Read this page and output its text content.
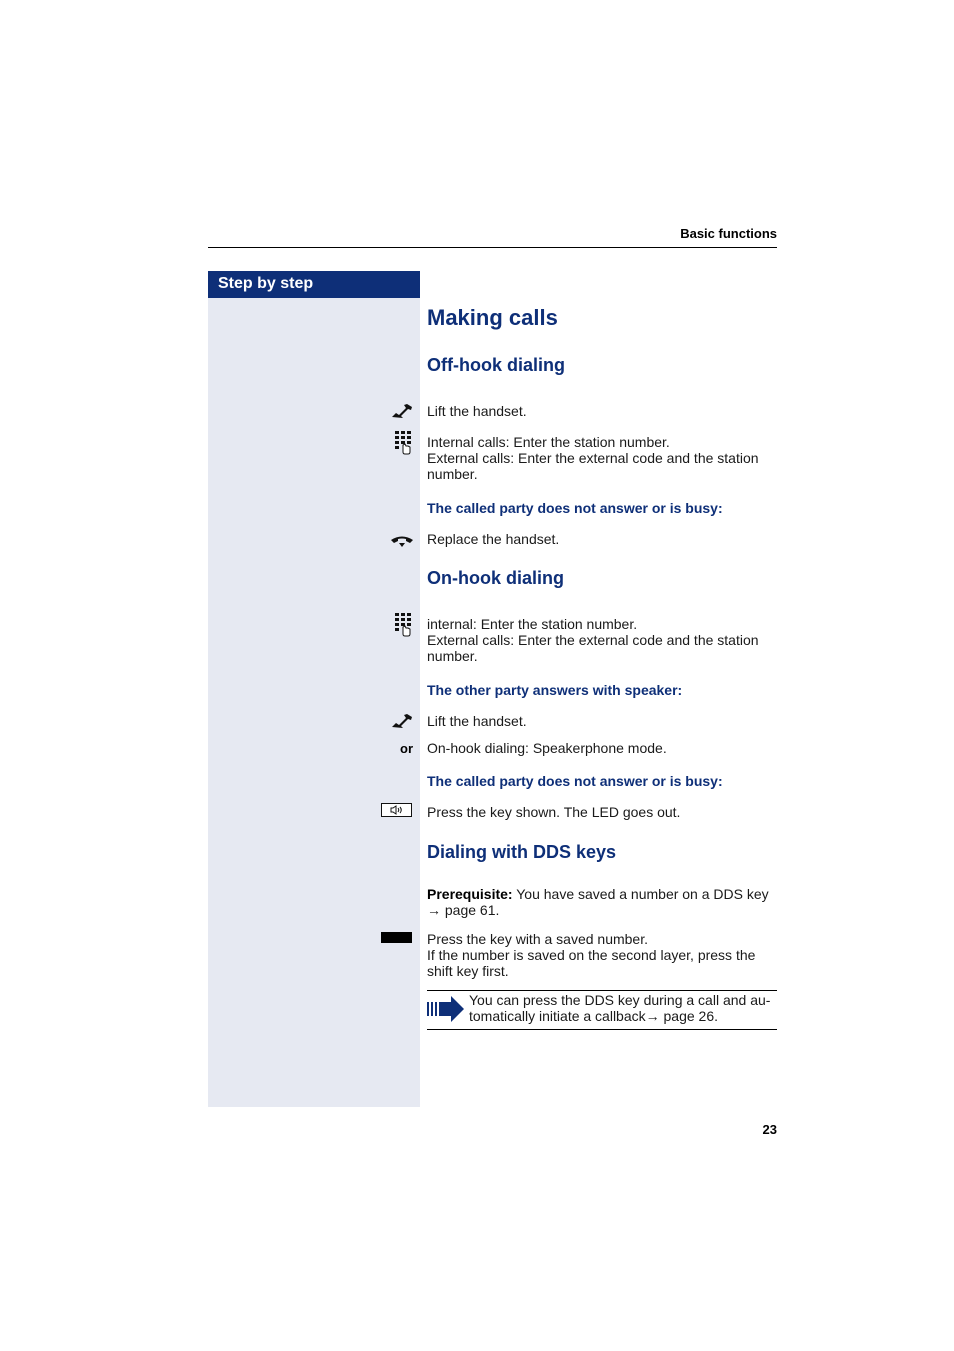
Basic functions
Step by step
Making calls
Off-hook dialing
Lift the handset.
Internal calls: Enter the station number.
External calls: Enter the external code and the station
number.
The called party does not answer or is busy:
Replace the handset.
On-hook dialing
internal: Enter the station number.
External calls: Enter the external code and the station
number.
The other party answers with speaker:
Lift the handset.
or On-hook dialing: Speakerphone mode.
The called party does not answer or is busy:
Press the key shown. The LED goes out.
Dialing with DDS keys
Prerequisite: You have saved a number on a DDS key
→ page 61.
Press the key with a saved number.
If the number is saved on the second layer, press the
shift key first.
You can press the DDS key during a call and au-
tomatically initiate a callback→ page 26.
23
